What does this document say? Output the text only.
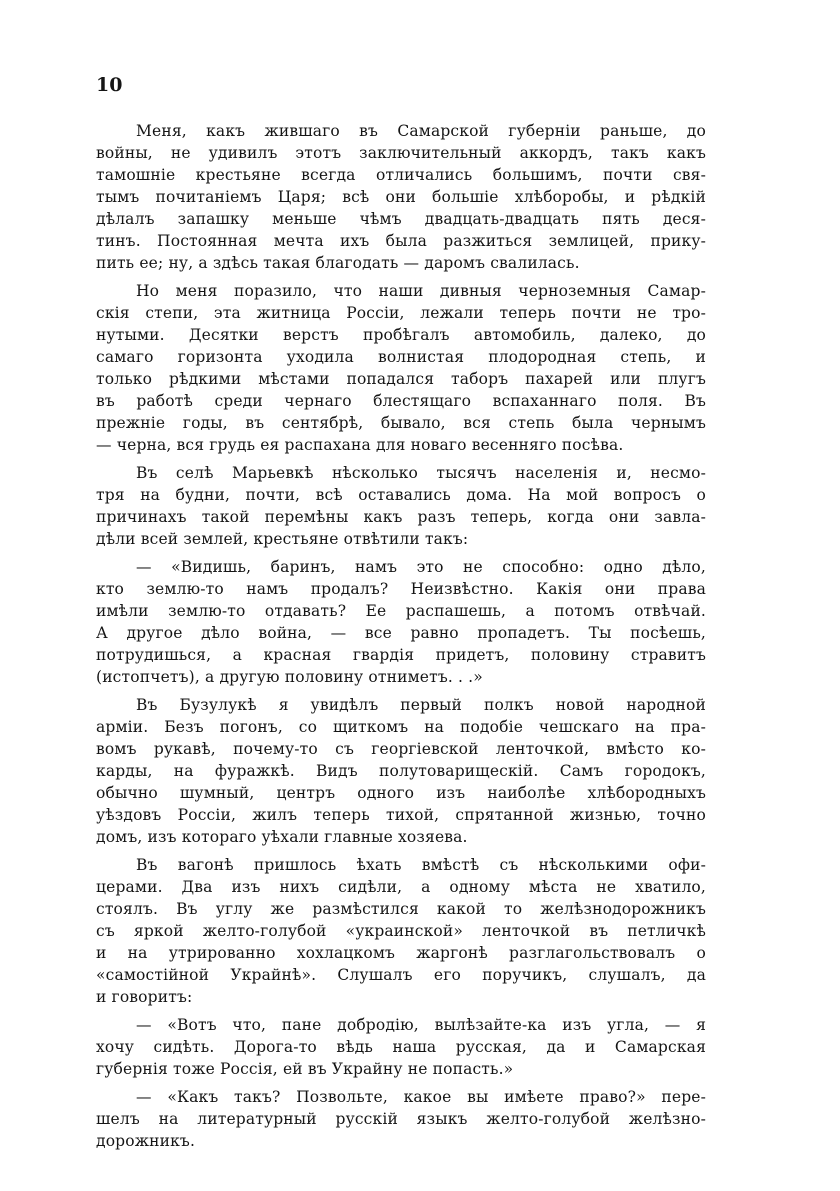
10
Меня, какъ жившаго въ Самарской губерніи раньше, до
войны, не удивилъ этотъ заключительный аккордъ, такъ какъ
тамошніе крестьяне всегда отличались большимъ, почти свя-
тымъ почитаніемъ Царя; всѣ они большіе хлѣборобы, и рѣдкій
дѣлалъ запашку меньше чѣмъ двадцать-двадцать пять деся-
тинъ. Постоянная мечта ихъ была разжиться землицей, прику-
пить ее; ну, а здѣсь такая благодать — даромъ свалилась.
Но меня поразило, что наши дивныя черноземныя Самар-
скія степи, эта житница Россіи, лежали теперь почти не тро-
нутыми. Десятки верстъ пробѣгалъ автомобиль, далеко, до
самаго горизонта уходила волнистая плодородная степь, и
только рѣдкими мѣстами попадался таборъ пахарей или плугъ
въ работѣ среди чернаго блестящаго вспаханнаго поля. Въ
прежніе годы, въ сентябрѣ, бывало, вся степь была чернымъ
— черна, вся грудь ея распахана для новаго весенняго посѣва.
Въ селѣ Марьевкѣ нѣсколько тысячъ населенія и, несмо-
тря на будни, почти, всѣ оставались дома. На мой вопросъ о
причинахъ такой перемѣны какъ разъ теперь, когда они завла-
дѣли всей землей, крестьяне отвѣтили такъ:
— «Видишь, баринъ, намъ это не способно: одно дѣло,
кто землю-то намъ продалъ? Неизвѣстно. Какія они права
имѣли землю-то отдавать? Ее распашешь, а потомъ отвѣчай.
А другое дѣло война, — все равно пропадетъ. Ты посѣешь,
потрудишься, а красная гвардія придетъ, половину стравитъ
(истопчетъ), а другую половину отниметъ. . .»
Въ Бузулукѣ я увидѣлъ первый полкъ новой народной
арміи. Безъ погонъ, со щиткомъ на подобіе чешскаго на пра-
вомъ рукавѣ, почему-то съ георгіевской ленточкой, вмѣсто ко-
карды, на фуражкѣ. Видъ полутоварищескій. Самъ городокъ,
обычно шумный, центръ одного изъ наиболѣе хлѣбородныхъ
уѣздовъ Россіи, жилъ теперь тихой, спрятанной жизнью, точно
домъ, изъ котораго уѣхали главные хозяева.
Въ вагонѣ пришлось ѣхать вмѣстѣ съ нѣсколькими офи-
церами. Два изъ нихъ сидѣли, а одному мѣста не хватило,
стоялъ. Въ углу же размѣстился какой то желѣзнодорожникъ
съ яркой желто-голубой «украинской» ленточкой въ петличкѣ
и на утрированно хохлацкомъ жаргонѣ разглагольствовалъ о
«самостійной Украйнѣ». Слушалъ его поручикъ, слушалъ, да
и говоритъ:
— «Вотъ что, пане добродію, вылѣзайте-ка изъ угла, — я
хочу сидѣть. Дорога-то вѣдь наша русская, да и Самарская
губернія тоже Россія, ей въ Украйну не попасть.»
— «Какъ такъ? Позвольте, какое вы имѣете право?» пере-
шелъ на литературный русскій языкъ желто-голубой желѣзно-
дорожникъ.
